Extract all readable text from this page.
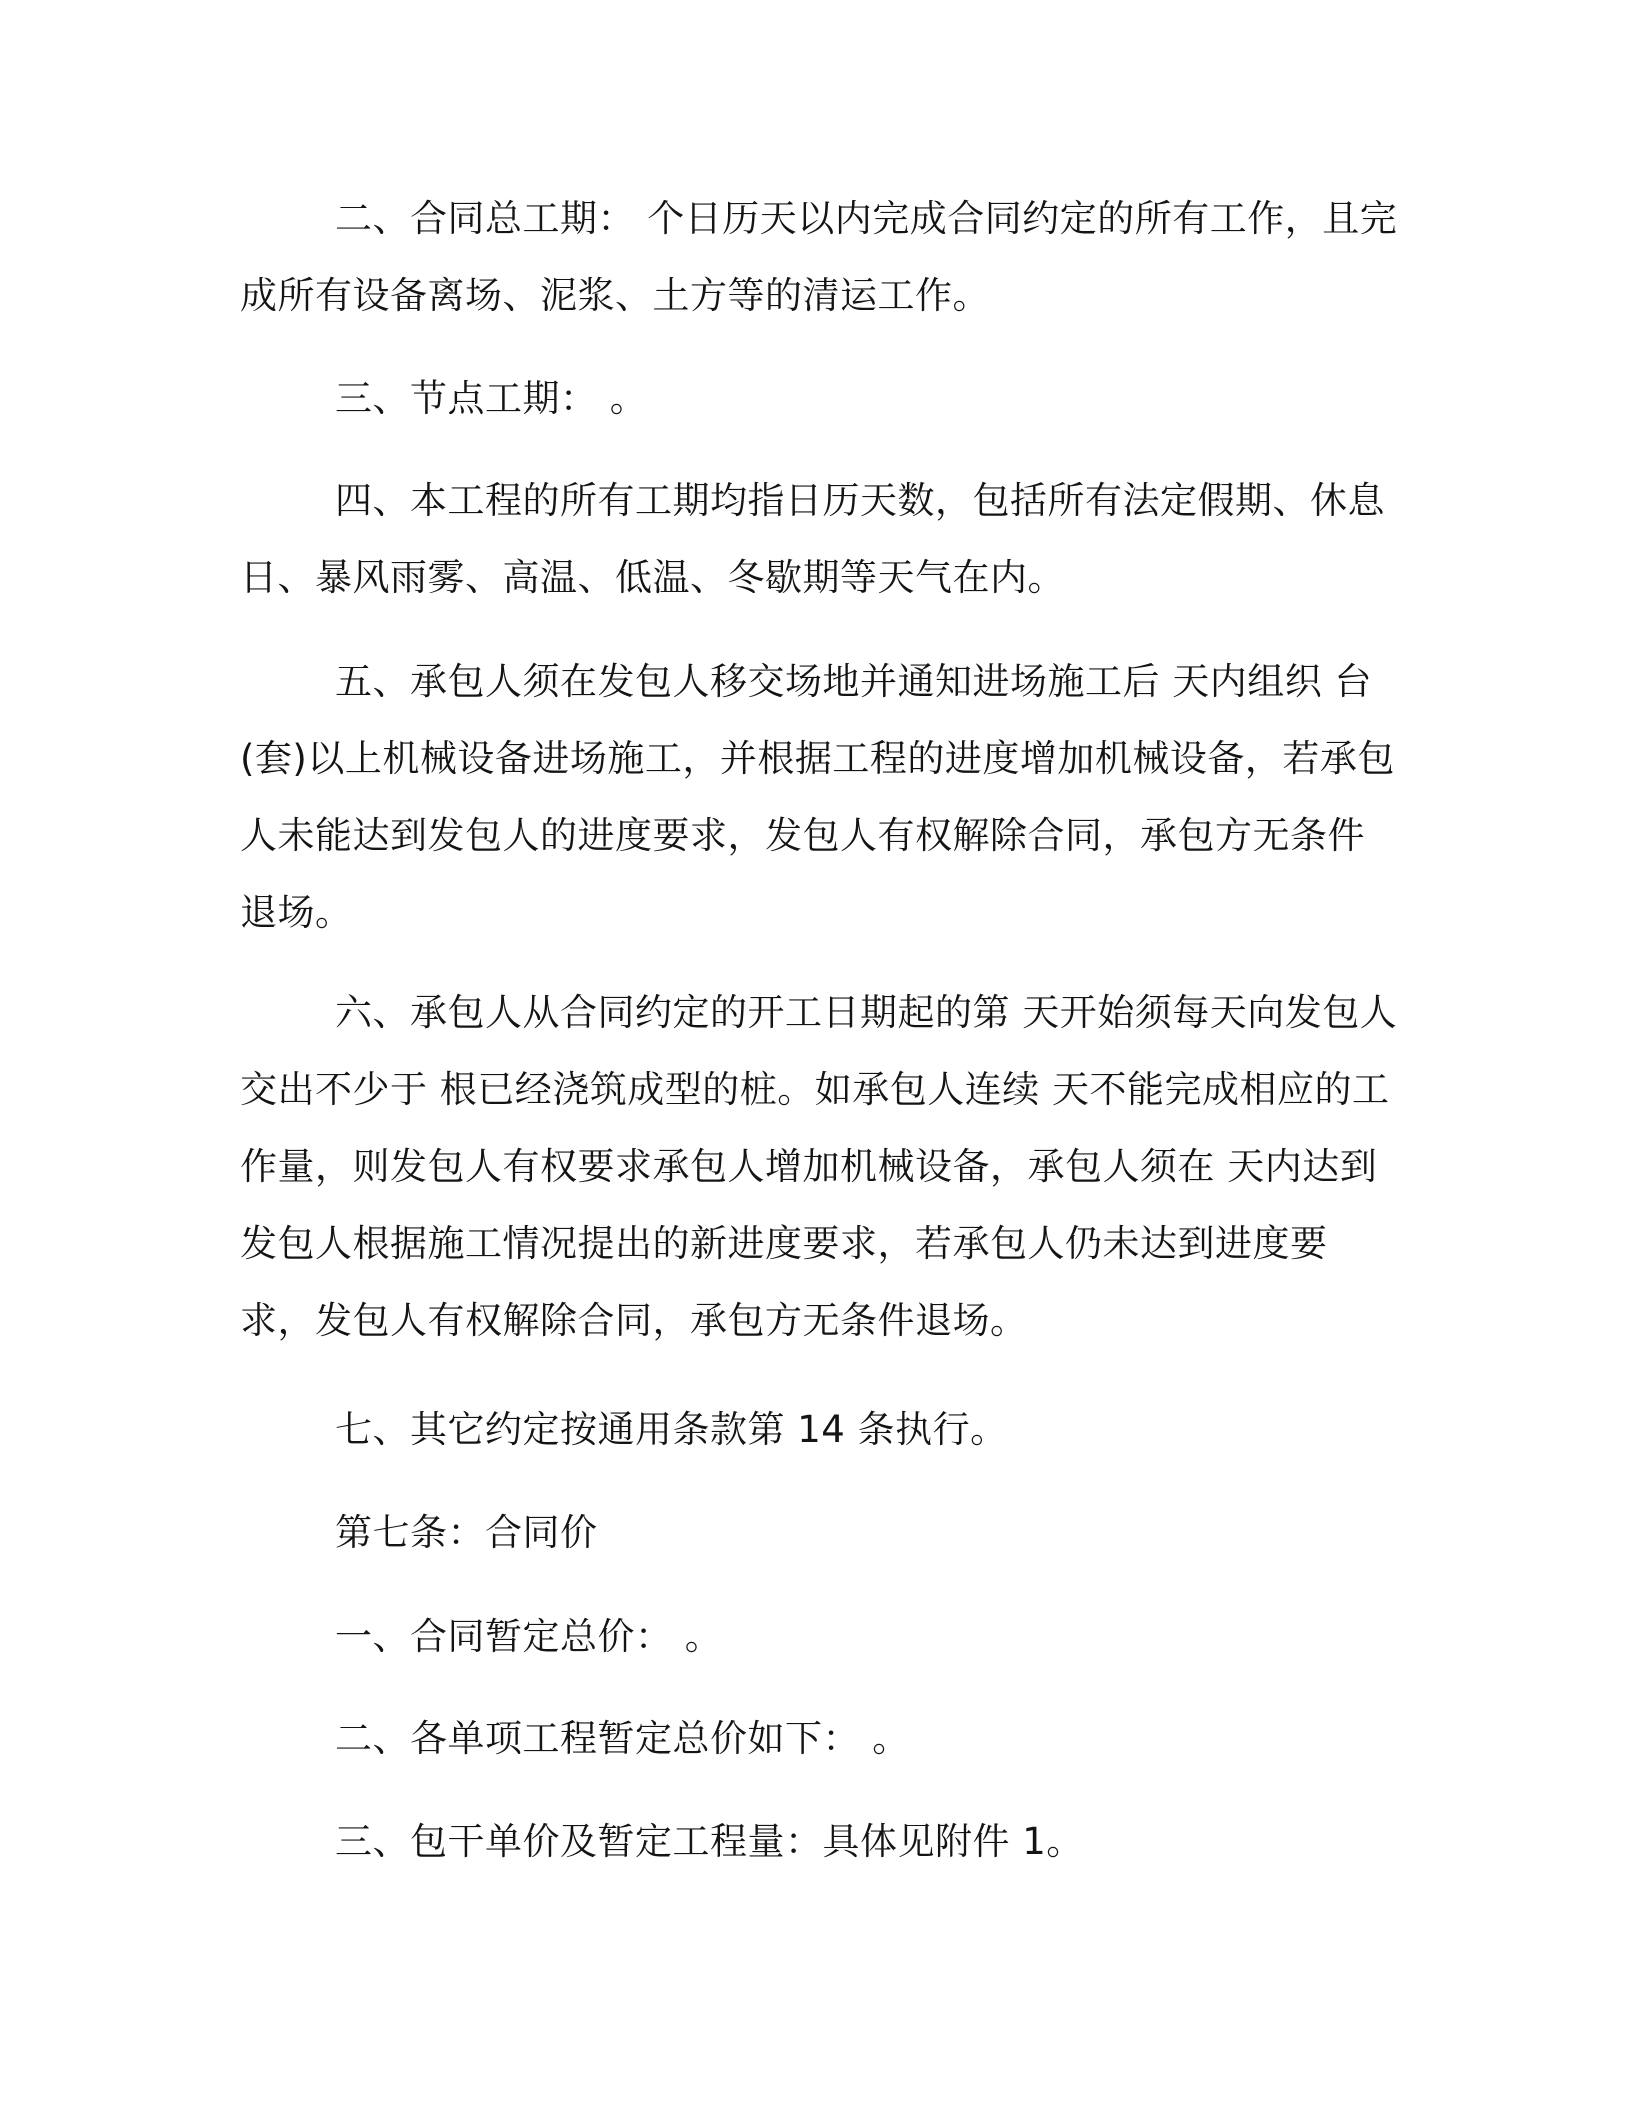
二、合同总工期： 个日历天以内完成合同约定的所有工作，且完成所有设备离场、泥浆、土方等的清运工作。

三、节点工期： 。

四、本工程的所有工期均指日历天数，包括所有法定假期、休息日、暴风雨雾、高温、低温、冬歇期等天气在内。

五、承包人须在发包人移交场地并通知进场施工后 天内组织 台(套)以上机械设备进场施工，并根据工程的进度增加机械设备，若承包人未能达到发包人的进度要求，发包人有权解除合同，承包方无条件退场。

六、承包人从合同约定的开工日期起的第 天开始须每天向发包人交出不少于 根已经浇筑成型的桩。如承包人连续 天不能完成相应的工作量，则发包人有权要求承包人增加机械设备，承包人须在 天内达到发包人根据施工情况提出的新进度要求，若承包人仍未达到进度要求，发包人有权解除合同，承包方无条件退场。

七、其它约定按通用条款第 14 条执行。

第七条：合同价

一、合同暂定总价： 。

二、各单项工程暂定总价如下： 。

三、包干单价及暂定工程量：具体见附件 1。
